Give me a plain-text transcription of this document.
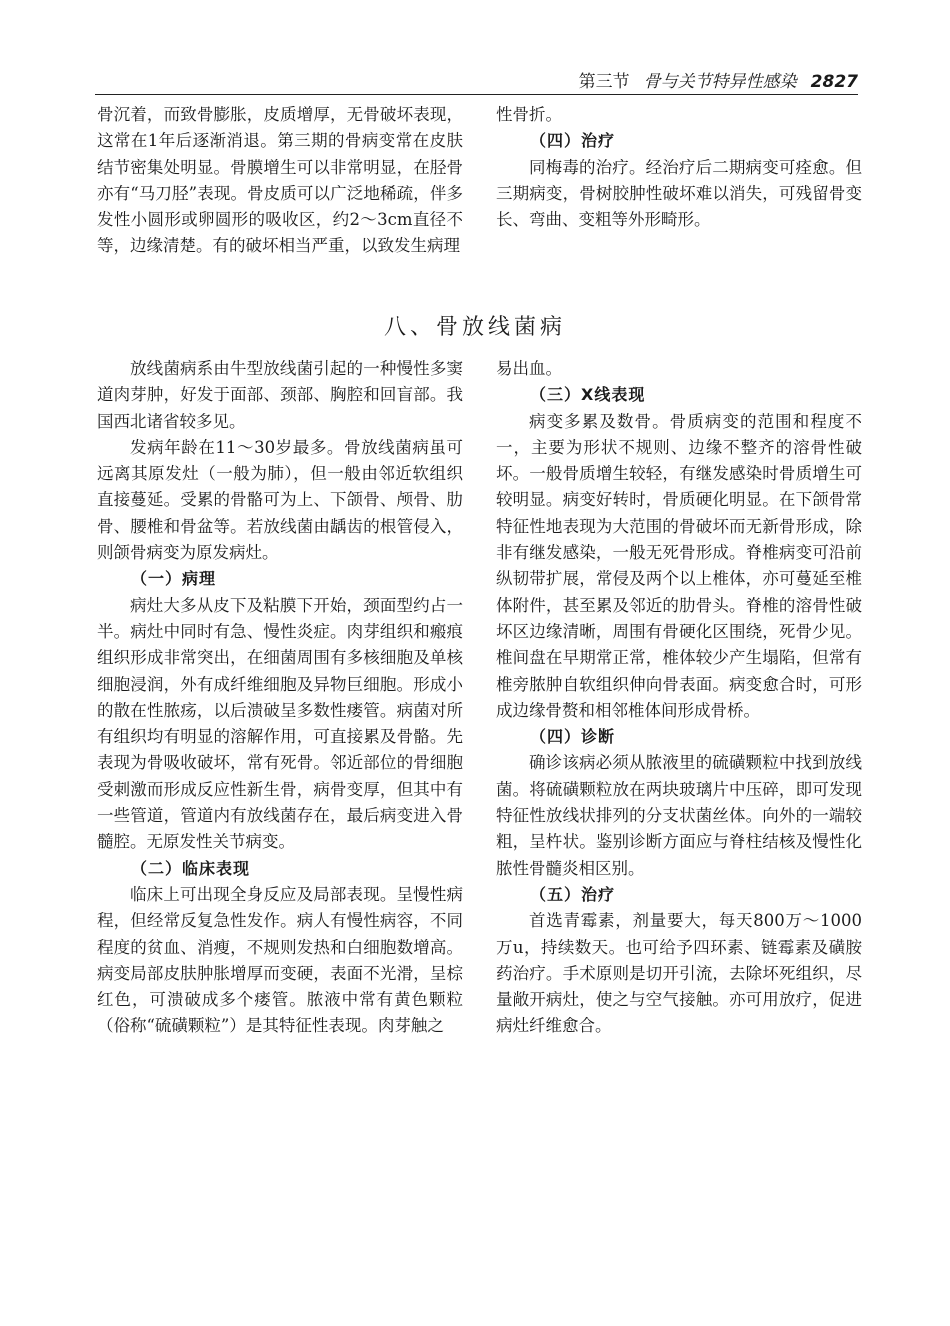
第三节 骨与关节特异性感染 2827

骨沉着，而致骨膨胀，皮质增厚，无骨破坏表现，这常在1年后逐渐消退。第三期的骨病变常在皮肤结节密集处明显。骨膜增生可以非常明显，在胫骨亦有“马刀胫”表现。骨皮质可以广泛地稀疏，伴多发性小圆形或卵圆形的吸收区，约2～3cm直径不等，边缘清楚。有的破坏相当严重，以致发生病理

性骨折。

（四）治疗

同梅毒的治疗。经治疗后二期病变可痊愈。但三期病变，骨树胶肿性破坏难以消失，可残留骨变长、弯曲、变粗等外形畸形。

八、骨放线菌病

放线菌病系由牛型放线菌引起的一种慢性多窦道肉芽肿，好发于面部、颈部、胸腔和回盲部。我国西北诸省较多见。

发病年龄在11～30岁最多。骨放线菌病虽可远离其原发灶（一般为肺），但一般由邻近软组织直接蔓延。受累的骨骼可为上、下颌骨、颅骨、肋骨、腰椎和骨盆等。若放线菌由龋齿的根管侵入，则颌骨病变为原发病灶。

（一）病理

病灶大多从皮下及粘膜下开始，颈面型约占一半。病灶中同时有急、慢性炎症。肉芽组织和瘢痕组织形成非常突出，在细菌周围有多核细胞及单核细胞浸润，外有成纤维细胞及异物巨细胞。形成小的散在性脓疡，以后溃破呈多数性瘘管。病菌对所有组织均有明显的溶解作用，可直接累及骨骼。先表现为骨吸收破坏，常有死骨。邻近部位的骨细胞受刺激而形成反应性新生骨，病骨变厚，但其中有一些管道，管道内有放线菌存在，最后病变进入骨髓腔。无原发性关节病变。

（二）临床表现

临床上可出现全身反应及局部表现。呈慢性病程，但经常反复急性发作。病人有慢性病容，不同程度的贫血、消瘦，不规则发热和白细胞数增高。病变局部皮肤肿胀增厚而变硬，表面不光滑，呈棕红色，可溃破成多个瘘管。脓液中常有黄色颗粒（俗称“硫磺颗粒”）是其特征性表现。肉芽触之

易出血。

（三）X线表现

病变多累及数骨。骨质病变的范围和程度不一，主要为形状不规则、边缘不整齐的溶骨性破坏。一般骨质增生较轻，有继发感染时骨质增生可较明显。病变好转时，骨质硬化明显。在下颌骨常特征性地表现为大范围的骨破坏而无新骨形成，除非有继发感染，一般无死骨形成。脊椎病变可沿前纵韧带扩展，常侵及两个以上椎体，亦可蔓延至椎体附件，甚至累及邻近的肋骨头。脊椎的溶骨性破坏区边缘清晰，周围有骨硬化区围绕，死骨少见。椎间盘在早期常正常，椎体较少产生塌陷，但常有椎旁脓肿自软组织伸向骨表面。病变愈合时，可形成边缘骨赘和相邻椎体间形成骨桥。

（四）诊断

确诊该病必须从脓液里的硫磺颗粒中找到放线菌。将硫磺颗粒放在两块玻璃片中压碎，即可发现特征性放线状排列的分支状菌丝体。向外的一端较粗，呈杵状。鉴别诊断方面应与脊柱结核及慢性化脓性骨髓炎相区别。

（五）治疗

首选青霉素，剂量要大，每天800万～1000万u，持续数天。也可给予四环素、链霉素及磺胺药治疗。手术原则是切开引流，去除坏死组织，尽量敞开病灶，使之与空气接触。亦可用放疗，促进病灶纤维愈合。
